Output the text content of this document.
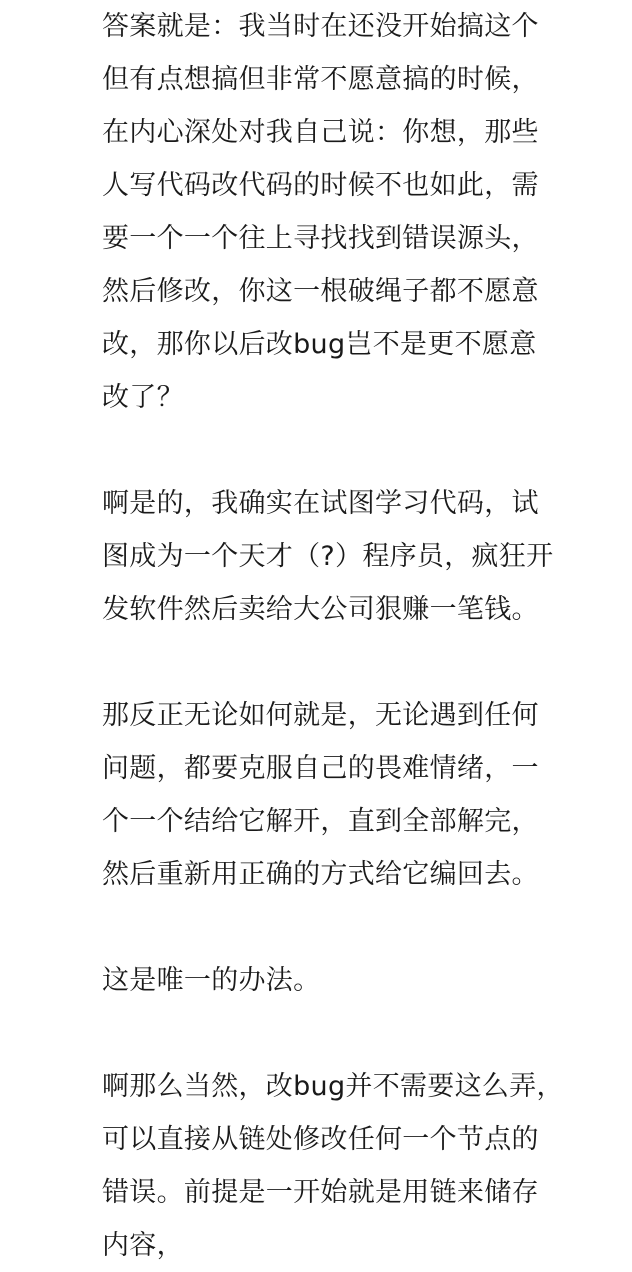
答案就是：我当时在还没开始搞这个
但有点想搞但非常不愿意搞的时候，
在内心深处对我自己说：你想，那些
人写代码改代码的时候不也如此，需
要一个一个往上寻找找到错误源头，
然后修改，你这一根破绳子都不愿意
改，那你以后改bug岂不是更不愿意
改了？
啊是的，我确实在试图学习代码，试
图成为一个天才（?）程序员，疯狂开
发软件然后卖给大公司狠赚一笔钱。
那反正无论如何就是，无论遇到任何
问题，都要克服自己的畏难情绪，一
个一个结给它解开，直到全部解完，
然后重新用正确的方式给它编回去。
这是唯一的办法。
啊那么当然，改bug并不需要这么弄，
可以直接从链处修改任何一个节点的
错误。前提是一开始就是用链来储存
内容，
